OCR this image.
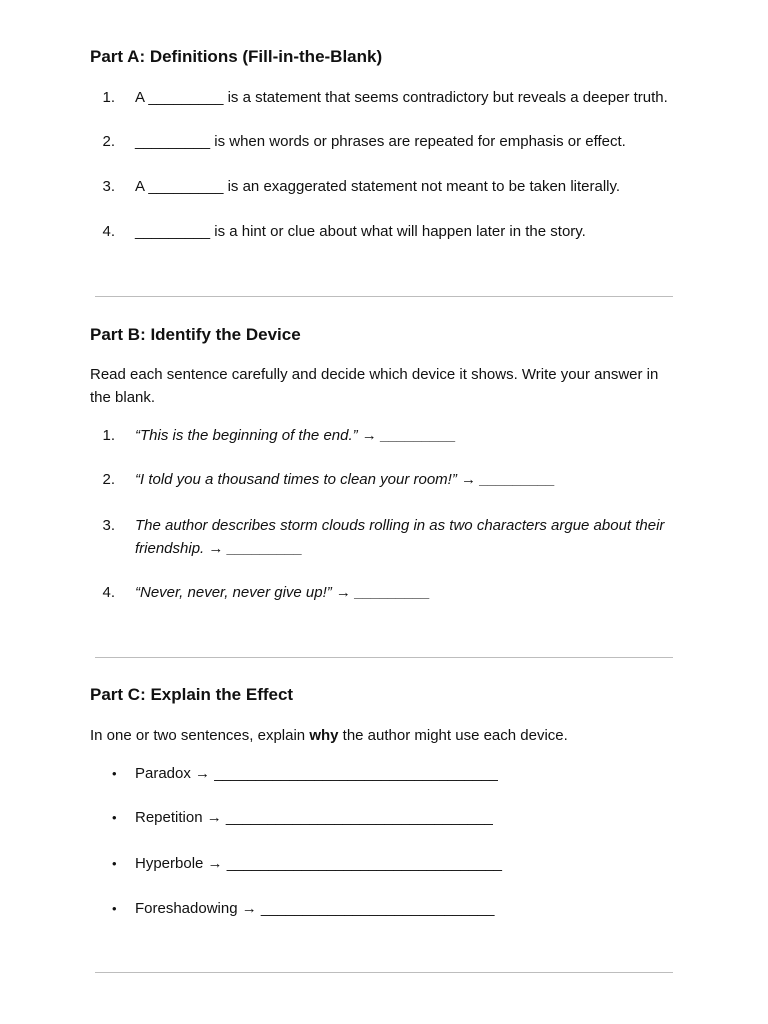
Part A: Definitions (Fill-in-the-Blank)
1.	A _________ is a statement that seems contradictory but reveals a deeper truth.
2.	_________ is when words or phrases are repeated for emphasis or effect.
3.	A _________ is an exaggerated statement not meant to be taken literally.
4.	_________ is a hint or clue about what will happen later in the story.
Part B: Identify the Device

Read each sentence carefully and decide which device it shows. Write your answer in the blank.

1.	“This is the beginning of the end.” → _________
2.	“I told you a thousand times to clean your room!” → _________
3.	The author describes storm clouds rolling in as two characters argue about their friendship. → _________
4.	“Never, never, never give up!” → _________
Part C: Explain the Effect

In one or two sentences, explain why the author might use each device.

• Paradox → __________________________________
• Repetition → ________________________________
• Hyperbole → _________________________________
• Foreshadowing → ____________________________
